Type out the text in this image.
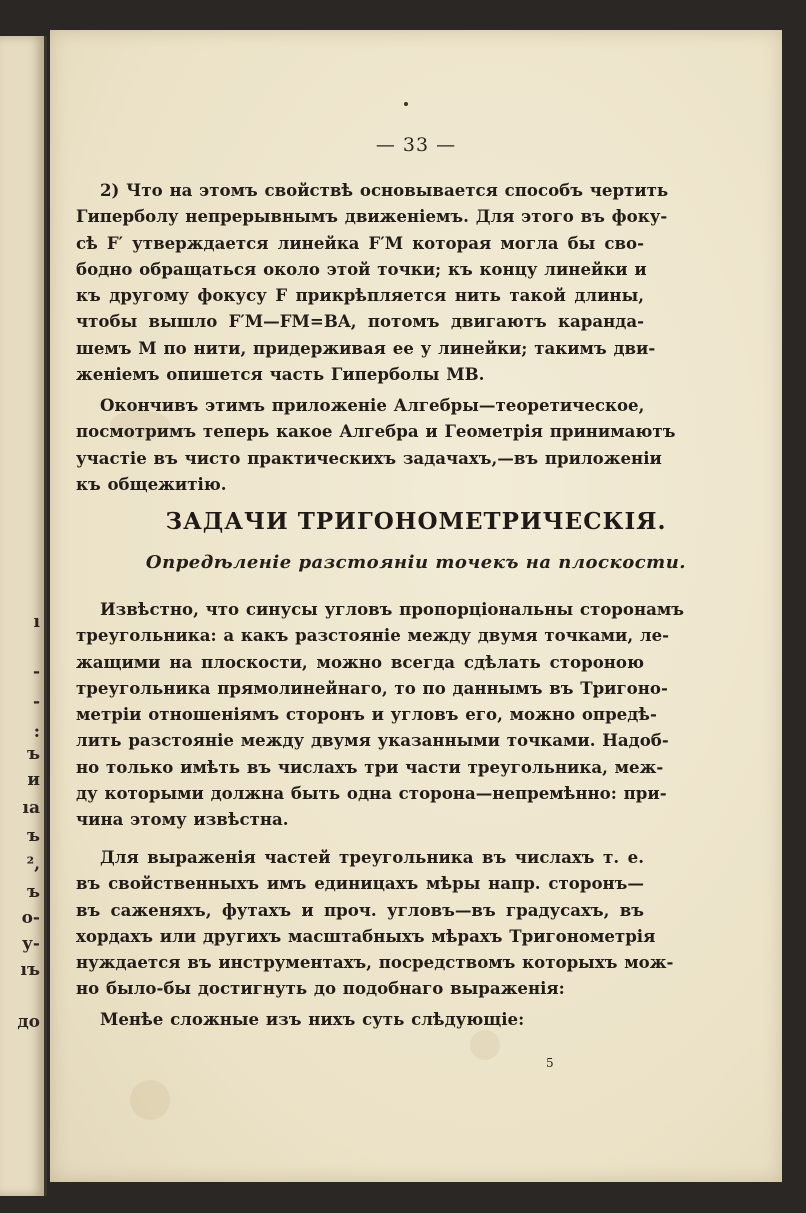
ı
-
-
:
ъ
и
ıа
ъ
²,
ъ
о-
у-
ıъ
до
— 33 —
2) Что на этомъ свойствѣ основывается способъ чертить
Гиперболу непрерывнымъ движенiемъ. Для этого въ фоку-
сѣ F′ утверждается линейка F′M которая могла бы сво-
бодно обращаться около этой точки; къ концу линейки и
къ другому фокусу F прикрѣпляется нить такой длины,
чтобы вышло F′M—FM=BA, потомъ двигаютъ каранда-
шемъ M по нити, придерживая ее у линейки; такимъ дви-
женiемъ опишется часть Гиперболы MB.
Окончивъ этимъ приложенiе Алгебры—теоретическое,
посмотримъ теперь какое Алгебра и Геометрiя принимаютъ
участiе въ чисто практическихъ задачахъ,—въ приложенiи
къ общежитiю.
ЗАДАЧИ ТРИГОНОМЕТРИЧЕСКIЯ.
Опредѣленiе разстоянiи точекъ на плоскости.
Извѣстно, что синусы угловъ пропорцiональны сторонамъ
треугольника: а какъ разстоянiе между двумя точками, ле-
жащими на плоскости, можно всегда сдѣлать стороною
треугольника прямолинейнаго, то по даннымъ въ Тригоно-
метрiи отношенiямъ сторонъ и угловъ его, можно опредѣ-
лить разстоянiе между двумя указанными точками. Надоб-
но только имѣть въ числахъ три части треугольника, меж-
ду которыми должна быть одна сторона—непремѣнно: при-
чина этому извѣстна.
Для выраженiя частей треугольника въ числахъ т. е.
въ свойственныхъ имъ единицахъ мѣры напр. сторонъ—
въ саженяхъ, футахъ и проч. угловъ—въ градусахъ, въ
хордахъ или другихъ масштабныхъ мѣрахъ Тригонометрiя
нуждается въ инструментахъ, посредствомъ которыхъ мож-
но было-бы достигнуть до подобнаго выраженiя:
Менѣе сложные изъ нихъ суть слѣдующiе:
5
